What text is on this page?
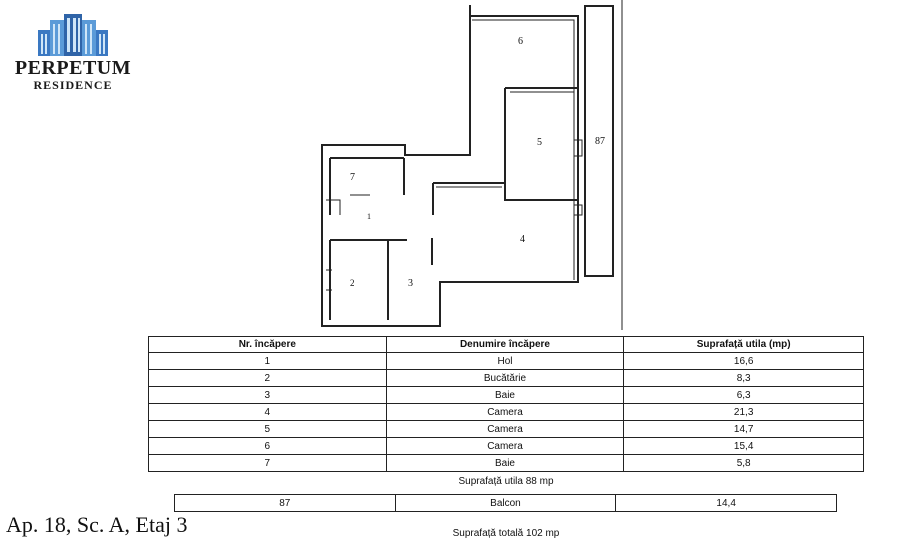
PERPETUM
RESIDENCE
6
5
4
7
1
2	3
87
Nr. încăpere	Denumire încăpere	Suprafață utila (mp)
1	Hol	16,6
2	Bucătărie	8,3
3	Baie	6,3
4	Camera	21,3
5	Camera	14,7
6	Camera	15,4
7	Baie	5,8
Suprafață utila 88 mp
87	Balcon	14,4
Suprafață totală 102 mp
Ap. 18, Sc. A, Etaj 3
